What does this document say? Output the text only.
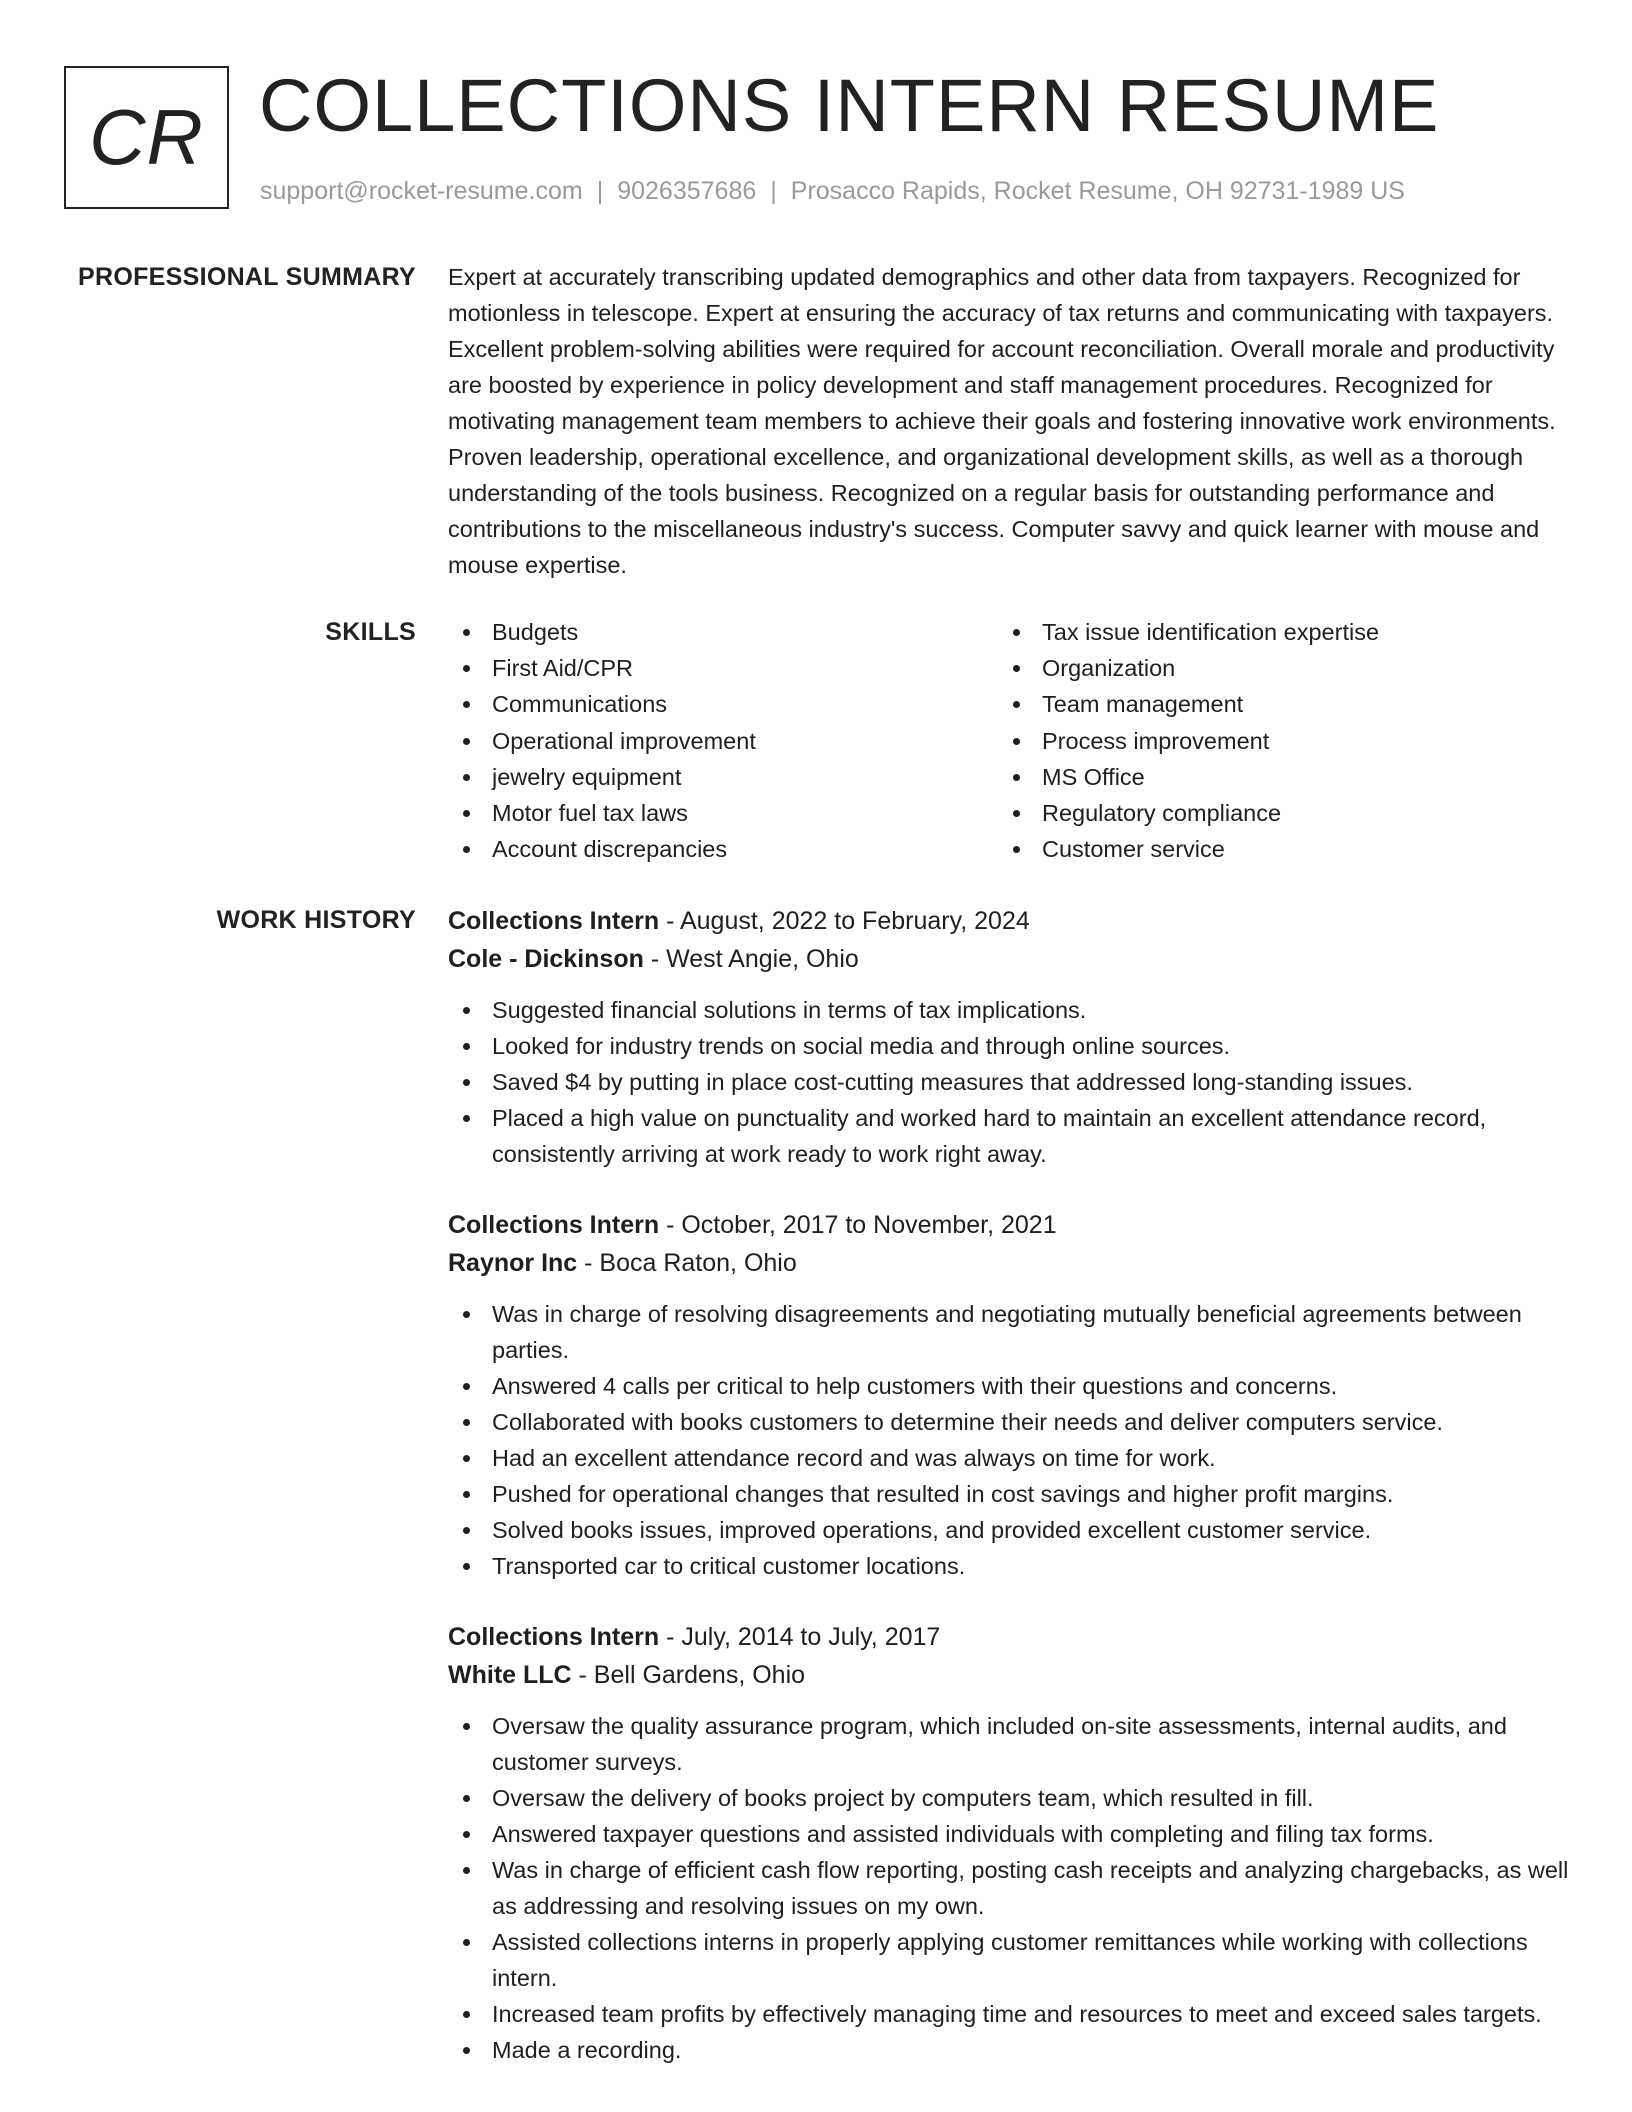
CR COLLECTIONS INTERN RESUME
support@rocket-resume.com | 9026357686 | Prosacco Rapids, Rocket Resume, OH 92731-1989 US
PROFESSIONAL SUMMARY Expert at accurately transcribing updated demographics and other data from taxpayers. Recognized for motionless in telescope. Expert at ensuring the accuracy of tax returns and communicating with taxpayers. Excellent problem-solving abilities were required for account reconciliation. Overall morale and productivity are boosted by experience in policy development and staff management procedures. Recognized for motivating management team members to achieve their goals and fostering innovative work environments. Proven leadership, operational excellence, and organizational development skills, as well as a thorough understanding of the tools business. Recognized on a regular basis for outstanding performance and contributions to the miscellaneous industry's success. Computer savvy and quick learner with mouse and mouse expertise.

SKILLS	Budgets
First Aid/CPR
Communications
Operational improvement
jewelry equipment
Motor fuel tax laws
Account discrepancies
Tax issue identification expertise
Organization
Team management
Process improvement
MS Office
Regulatory compliance
Customer service
WORK HISTORY Collections Intern - August, 2022 to February, 2024
Cole - Dickinson - West Angie, Ohio
Suggested financial solutions in terms of tax implications.
Looked for industry trends on social media and through online sources.
Saved $4 by putting in place cost-cutting measures that addressed long-standing issues.
Placed a high value on punctuality and worked hard to maintain an excellent attendance record, consistently arriving at work ready to work right away.
Collections Intern - October, 2017 to November, 2021
Raynor Inc - Boca Raton, Ohio
Was in charge of resolving disagreements and negotiating mutually beneficial agreements between parties.
Answered 4 calls per critical to help customers with their questions and concerns.
Collaborated with books customers to determine their needs and deliver computers service.
Had an excellent attendance record and was always on time for work.
Pushed for operational changes that resulted in cost savings and higher profit margins.
Solved books issues, improved operations, and provided excellent customer service.
Transported car to critical customer locations.
Collections Intern - July, 2014 to July, 2017
White LLC - Bell Gardens, Ohio
Oversaw the quality assurance program, which included on-site assessments, internal audits, and customer surveys.
Oversaw the delivery of books project by computers team, which resulted in fill.
Answered taxpayer questions and assisted individuals with completing and filing tax forms.
Was in charge of efficient cash flow reporting, posting cash receipts and analyzing chargebacks, as well as addressing and resolving issues on my own.
Assisted collections interns in properly applying customer remittances while working with collections intern.
Increased team profits by effectively managing time and resources to meet and exceed sales targets.
Made a recording.
